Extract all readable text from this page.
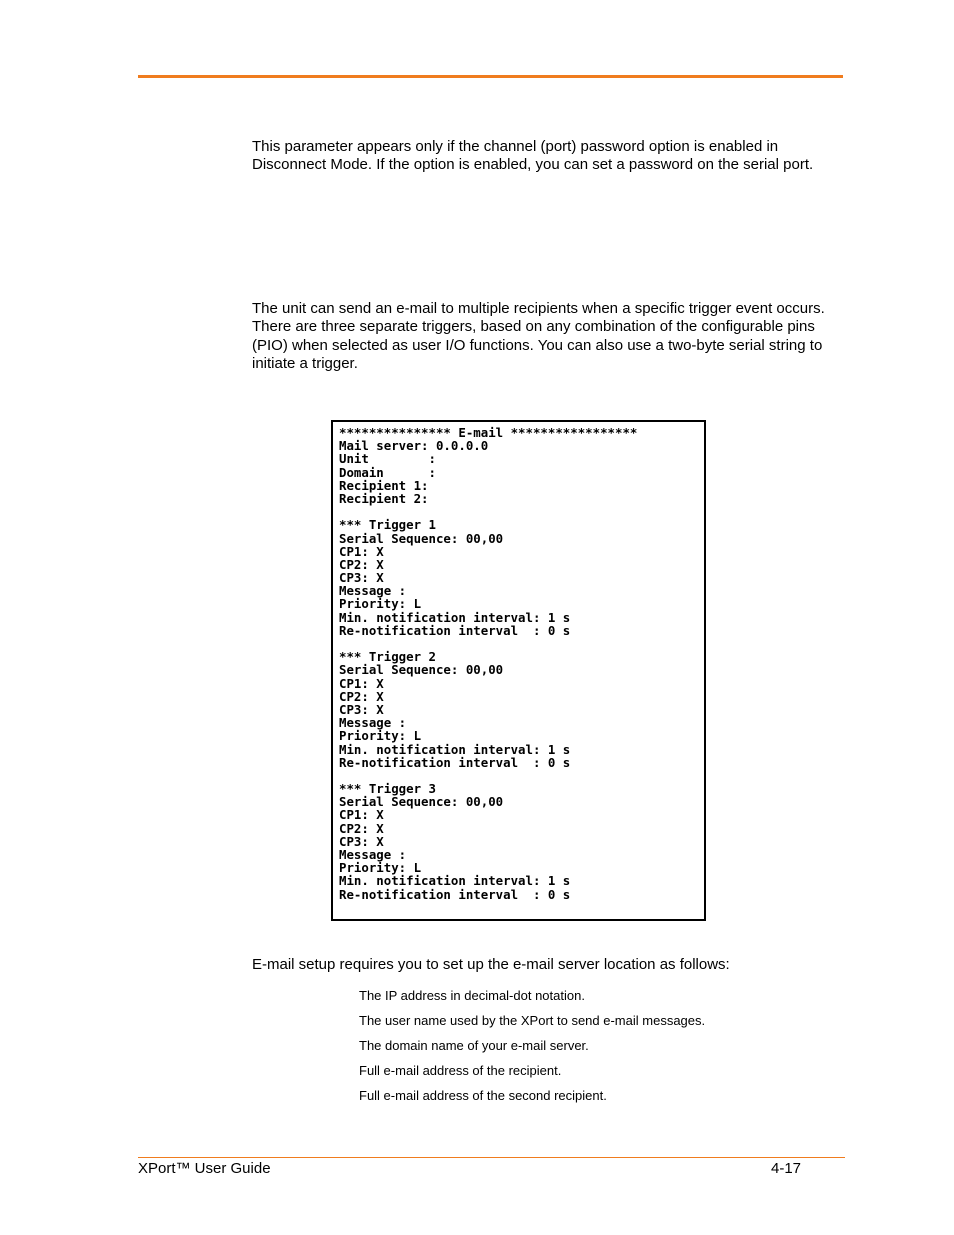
This parameter appears only if the channel (port) password option is enabled in Disconnect Mode. If the option is enabled, you can set a password on the serial port.

The unit can send an e-mail to multiple recipients when a specific trigger event occurs. There are three separate triggers, based on any combination of the configurable pins (PIO) when selected as user I/O functions. You can also use a two-byte serial string to initiate a trigger.

*************** E-mail *****************
Mail server: 0.0.0.0
Unit        :
Domain      :
Recipient 1:
Recipient 2:
*** Trigger 1
Serial Sequence: 00,00
CP1: X
CP2: X
CP3: X
Message :
Priority: L
Min. notification interval: 1 s
Re-notification interval  : 0 s
*** Trigger 2
Serial Sequence: 00,00
CP1: X
CP2: X
CP3: X
Message :
Priority: L
Min. notification interval: 1 s
Re-notification interval  : 0 s
*** Trigger 3
Serial Sequence: 00,00
CP1: X
CP2: X
CP3: X
Message :
Priority: L
Min. notification interval: 1 s
Re-notification interval  : 0 s

E-mail setup requires you to set up the e-mail server location as follows:

The IP address in decimal-dot notation.
The user name used by the XPort to send e-mail messages.
The domain name of your e-mail server.
Full e-mail address of the recipient.
Full e-mail address of the second recipient.
XPort™ User Guide	4-17
